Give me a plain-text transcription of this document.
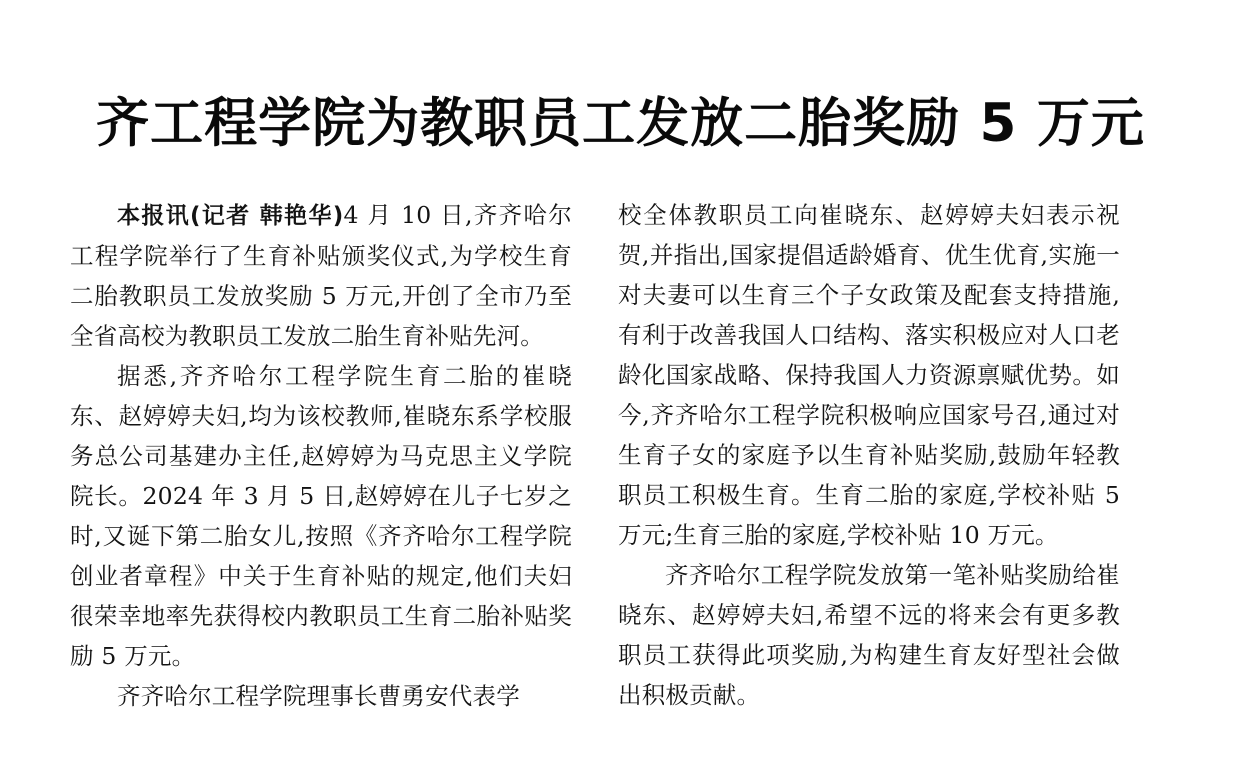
齐工程学院为教职员工发放二胎奖励 5 万元

本报讯(记者 韩艳华)4 月 10 日,齐齐哈尔工程学院举行了生育补贴颁奖仪式,为学校生育二胎教职员工发放奖励 5 万元,开创了全市乃至全省高校为教职员工发放二胎生育补贴先河。

据悉,齐齐哈尔工程学院生育二胎的崔晓东、赵婷婷夫妇,均为该校教师,崔晓东系学校服务总公司基建办主任,赵婷婷为马克思主义学院院长。2024 年 3 月 5 日,赵婷婷在儿子七岁之时,又诞下第二胎女儿,按照《齐齐哈尔工程学院创业者章程》中关于生育补贴的规定,他们夫妇很荣幸地率先获得校内教职员工生育二胎补贴奖励 5 万元。

齐齐哈尔工程学院理事长曹勇安代表学

校全体教职员工向崔晓东、赵婷婷夫妇表示祝贺,并指出,国家提倡适龄婚育、优生优育,实施一对夫妻可以生育三个子女政策及配套支持措施,有利于改善我国人口结构、落实积极应对人口老龄化国家战略、保持我国人力资源禀赋优势。如今,齐齐哈尔工程学院积极响应国家号召,通过对生育子女的家庭予以生育补贴奖励,鼓励年轻教职员工积极生育。生育二胎的家庭,学校补贴 5 万元;生育三胎的家庭,学校补贴 10 万元。

齐齐哈尔工程学院发放第一笔补贴奖励给崔晓东、赵婷婷夫妇,希望不远的将来会有更多教职员工获得此项奖励,为构建生育友好型社会做出积极贡献。
